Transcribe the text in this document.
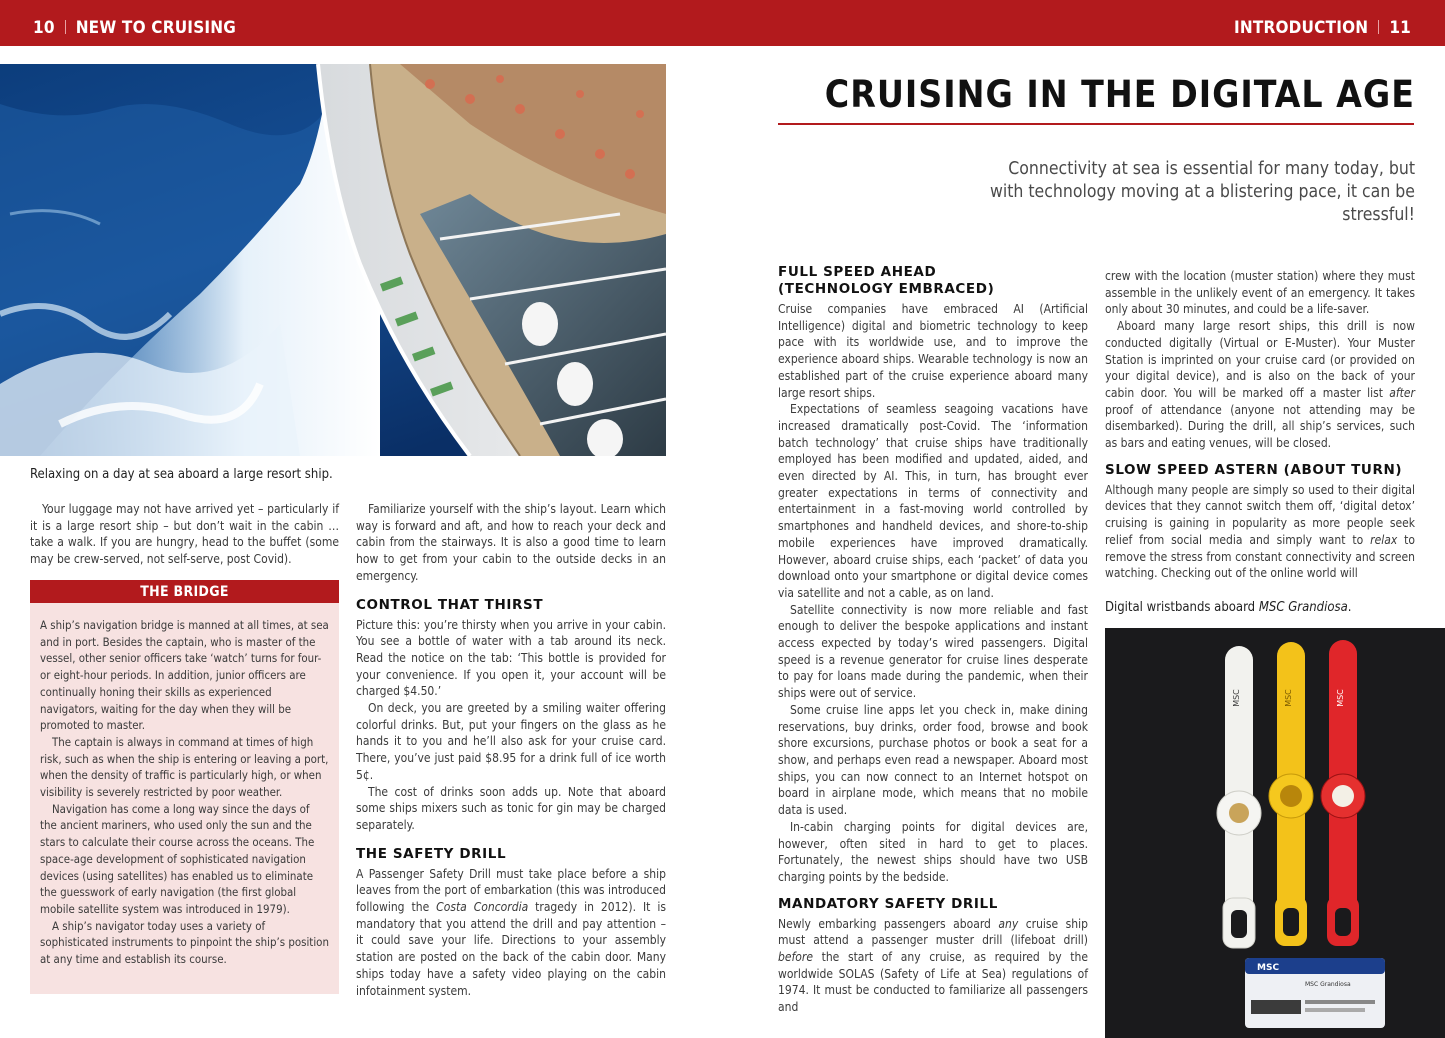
10 NEW TO CRUISING	INTRODUCTION 11
Relaxing on a day at sea aboard a large resort ship.

Your luggage may not have arrived yet – particularly if it is a large resort ship – but don’t wait in the cabin … take a walk. If you are hungry, head to the buffet (some may be crew-served, not self-serve, post Covid).

THE BRIDGE

A ship’s navigation bridge is manned at all times, at sea and in port. Besides the captain, who is master of the vessel, other senior officers take ‘watch’ turns for four- or eight-hour periods. In addition, junior officers are continually honing their skills as experienced navigators, waiting for the day when they will be promoted to master.

The captain is always in command at times of high risk, such as when the ship is entering or leaving a port, when the density of traffic is particularly high, or when visibility is severely restricted by poor weather.

Navigation has come a long way since the days of the ancient mariners, who used only the sun and the stars to calculate their course across the oceans. The space-age development of sophisticated navigation devices (using satellites) has enabled us to eliminate the guesswork of early navigation (the first global mobile satellite system was introduced in 1979).

A ship’s navigator today uses a variety of sophisticated instruments to pinpoint the ship’s position at any time and establish its course.

Familiarize yourself with the ship’s layout. Learn which way is forward and aft, and how to reach your deck and cabin from the stairways. It is also a good time to learn how to get from your cabin to the outside decks in an emergency.

CONTROL THAT THIRST

Picture this: you’re thirsty when you arrive in your cabin. You see a bottle of water with a tab around its neck. Read the notice on the tab: ‘This bottle is provided for your convenience. If you open it, your account will be charged $4.50.’

On deck, you are greeted by a smiling waiter offering colorful drinks. But, put your fingers on the glass as he hands it to you and he’ll also ask for your cruise card. There, you’ve just paid $8.95 for a drink full of ice worth 5¢.

The cost of drinks soon adds up. Note that aboard some ships mixers such as tonic for gin may be charged separately.

THE SAFETY DRILL

A Passenger Safety Drill must take place before a ship leaves from the port of embarkation (this was introduced following the Costa Concordia tragedy in 2012). It is mandatory that you attend the drill and pay attention – it could save your life. Directions to your assembly station are posted on the back of the cabin door. Many ships today have a safety video playing on the cabin infotainment system.

CRUISING IN THE DIGITAL AGE
Connectivity at sea is essential for many today, but with technology moving at a blistering pace, it can be stressful!
FULL SPEED AHEAD
(TECHNOLOGY EMBRACED)

Cruise companies have embraced AI (Artificial Intelligence) digital and biometric technology to keep pace with its worldwide use, and to improve the experience aboard ships. Wearable technology is now an established part of the cruise experience aboard many large resort ships.

Expectations of seamless seagoing vacations have increased dramatically post-Covid. The ‘information batch technology’ that cruise ships have traditionally employed has been modified and updated, aided, and even directed by AI. This, in turn, has brought ever greater expectations in terms of connectivity and entertainment in a fast-moving world controlled by smartphones and handheld devices, and shore-to-ship mobile experiences have improved dramatically. However, aboard cruise ships, each ‘packet’ of data you download onto your smartphone or digital device comes via satellite and not a cable, as on land.

Satellite connectivity is now more reliable and fast enough to deliver the bespoke applications and instant access expected by today’s wired passengers. Digital speed is a revenue generator for cruise lines desperate to pay for loans made during the pandemic, when their ships were out of service.

Some cruise line apps let you check in, make dining reservations, buy drinks, order food, browse and book shore excursions, purchase photos or book a seat for a show, and perhaps even read a newspaper. Aboard most ships, you can now connect to an Internet hotspot on board in airplane mode, which means that no mobile data is used.

In-cabin charging points for digital devices are, however, often sited in hard to get to places. Fortunately, the newest ships should have two USB charging points by the bedside.

MANDATORY SAFETY DRILL

Newly embarking passengers aboard any cruise ship must attend a passenger muster drill (lifeboat drill) before the start of any cruise, as required by the worldwide SOLAS (Safety of Life at Sea) regulations of 1974. It must be conducted to familiarize all passengers and

crew with the location (muster station) where they must assemble in the unlikely event of an emergency. It takes only about 30 minutes, and could be a life-saver.

Aboard many large resort ships, this drill is now conducted digitally (Virtual or E-Muster). Your Muster Station is imprinted on your cruise card (or provided on your digital device), and is also on the back of your cabin door. You will be marked off a master list after proof of attendance (anyone not attending may be disembarked). During the drill, all ship’s services, such as bars and eating venues, will be closed.

SLOW SPEED ASTERN (ABOUT TURN)

Although many people are simply so used to their digital devices that they cannot switch them off, ‘digital detox’ cruising is gaining in popularity as more people seek relief from social media and simply want to relax to remove the stress from constant connectivity and screen watching. Checking out of the online world will

Digital wristbands aboard MSC Grandiosa.
MSC	MSC	MSC
MSC
MSC Grandiosa
